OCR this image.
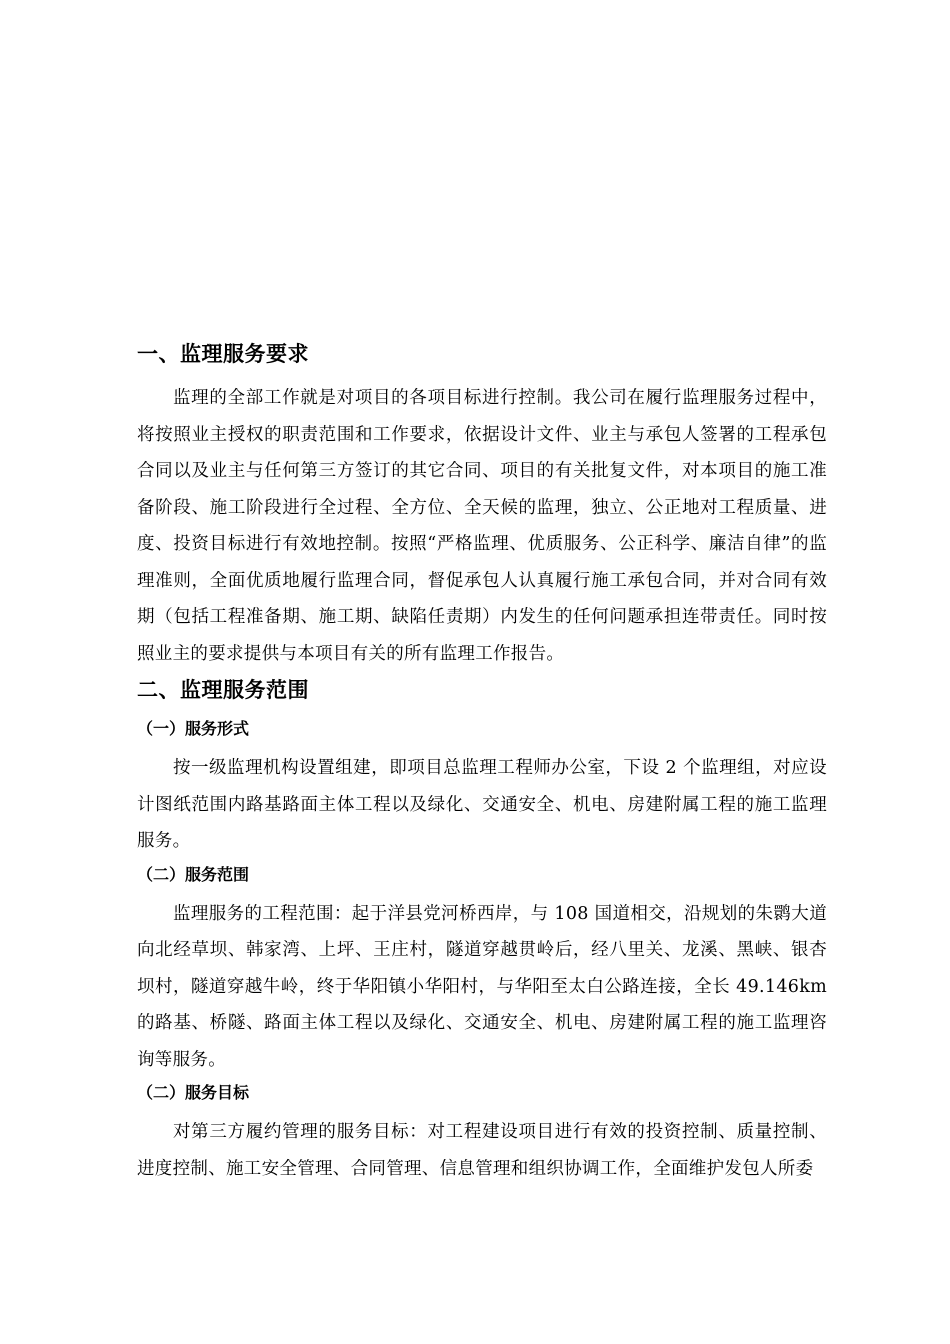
一、监理服务要求

监理的全部工作就是对项目的各项目标进行控制。我公司在履行监理服务过程中，将按照业主授权的职责范围和工作要求，依据设计文件、业主与承包人签署的工程承包合同以及业主与任何第三方签订的其它合同、项目的有关批复文件，对本项目的施工准备阶段、施工阶段进行全过程、全方位、全天候的监理，独立、公正地对工程质量、进度、投资目标进行有效地控制。按照“严格监理、优质服务、公正科学、廉洁自律”的监理准则，全面优质地履行监理合同，督促承包人认真履行施工承包合同，并对合同有效期（包括工程准备期、施工期、缺陷任责期）内发生的任何问题承担连带责任。同时按照业主的要求提供与本项目有关的所有监理工作报告。

二、监理服务范围
（一）服务形式

按一级监理机构设置组建，即项目总监理工程师办公室，下设 2 个监理组，对应设计图纸范围内路基路面主体工程以及绿化、交通安全、机电、房建附属工程的施工监理服务。

（二）服务范围

监理服务的工程范围：起于洋县党河桥西岸，与 108 国道相交，沿规划的朱鹮大道向北经草坝、韩家湾、上坪、王庄村，隧道穿越贯岭后，经八里关、龙溪、黑峡、银杏坝村，隧道穿越牛岭，终于华阳镇小华阳村，与华阳至太白公路连接，全长 49.146km 的路基、桥隧、路面主体工程以及绿化、交通安全、机电、房建附属工程的施工监理咨询等服务。

（二）服务目标

对第三方履约管理的服务目标：对工程建设项目进行有效的投资控制、质量控制、进度控制、施工安全管理、合同管理、信息管理和组织协调工作，全面维护发包人所委
